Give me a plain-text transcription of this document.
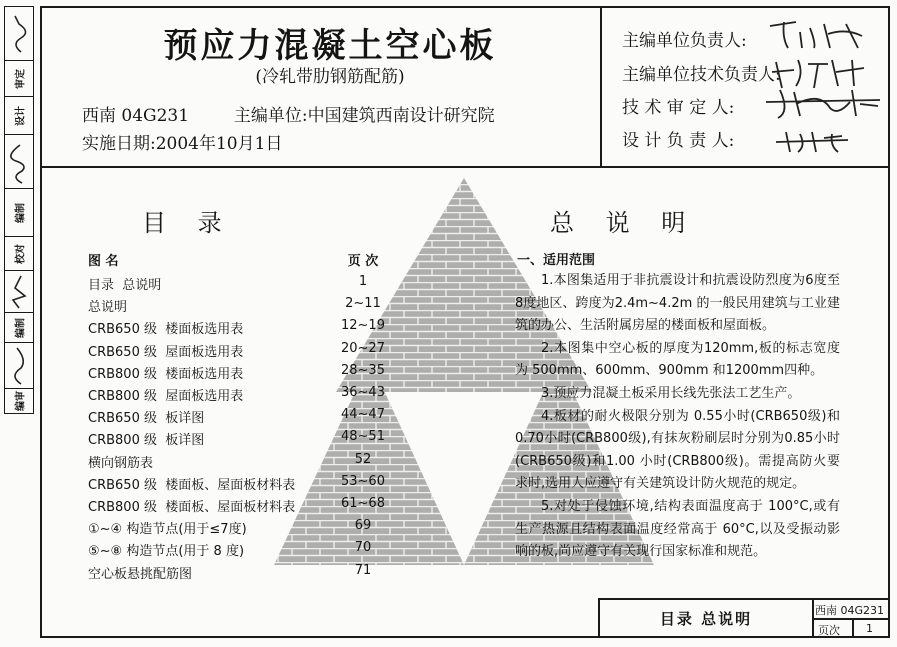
审定
设计
编制
校对
编制
编审
预应力混凝土空心板
(冷轧带肋钢筋配筋)
西南 04G231	主编单位:中国建筑西南设计研究院
实施日期:2004年10月1日
主编单位负责人:
主编单位技术负责人:
技 术 审 定 人:
设 计 负 责 人:
目 录
图 名	页 次
目录  总说明	1
总说明	2~11
CRB650 级  楼面板选用表	12~19
CRB650 级  屋面板选用表	20~27
CRB800 级  楼面板选用表	28~35
CRB800 级  屋面板选用表	36~43
CRB650 级  板详图	44~47
CRB800 级  板详图	48~51
横向钢筋表	52
CRB650 级  楼面板、屋面板材料表	53~60
CRB800 级  楼面板、屋面板材料表	61~68
①~④ 构造节点(用于≤7度)	69
⑤~⑧ 构造节点(用于 8 度)	70
空心板悬挑配筋图	71
总 说 明
一、适用范围

1.本图集适用于非抗震设计和抗震设防烈度为6度至8度地区、跨度为2.4m~4.2m 的一般民用建筑与工业建筑的办公、生活附属房屋的楼面板和屋面板。

2.本图集中空心板的厚度为120mm,板的标志宽度为 500mm、600mm、900mm 和1200mm四种。

3.预应力混凝土板采用长线先张法工艺生产。

4.板材的耐火极限分别为 0.55小时(CRB650级)和0.70小时(CRB800级),有抹灰粉刷层时分别为0.85小时(CRB650级)和1.00 小时(CRB800级)。需提高防火要求时,选用人应遵守有关建筑设计防火规范的规定。

5.对处于侵蚀环境,结构表面温度高于 100°C,或有生产热源且结构表面温度经常高于 60°C,以及受振动影响的板,尚应遵守有关现行国家标准和规范。

目录 总说明	西南 04G231
页次 1
